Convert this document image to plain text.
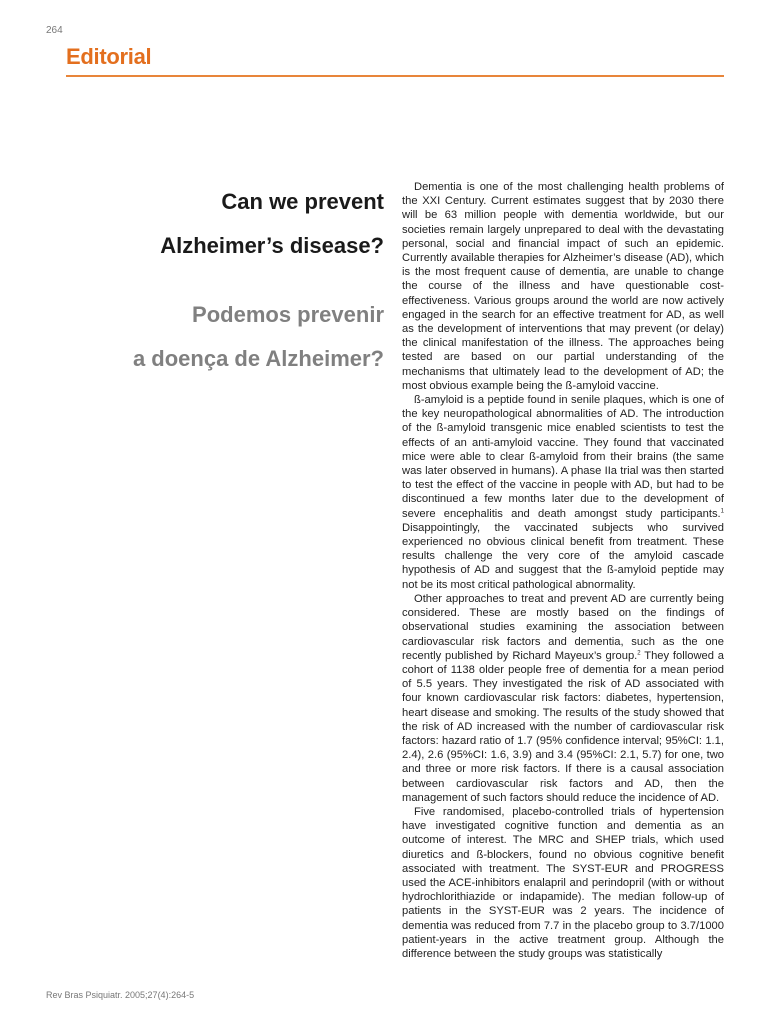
264
Editorial
Can we prevent
Alzheimer’s disease?
Podemos prevenir
a doença de Alzheimer?

Dementia is one of the most challenging health problems of the XXI Century. Current estimates suggest that by 2030 there will be 63 million people with dementia worldwide, but our societies remain largely unprepared to deal with the devastating personal, social and financial impact of such an epidemic. Currently available therapies for Alzheimer’s disease (AD), which is the most frequent cause of dementia, are unable to change the course of the illness and have questionable cost-effectiveness. Various groups around the world are now actively engaged in the search for an effective treatment for AD, as well as the development of interventions that may prevent (or delay) the clinical manifestation of the illness. The approaches being tested are based on our partial understanding of the mechanisms that ultimately lead to the development of AD; the most obvious example being the ß-amyloid vaccine.

ß-amyloid is a peptide found in senile plaques, which is one of the key neuropathological abnormalities of AD. The introduction of the ß-amyloid transgenic mice enabled scientists to test the effects of an anti-amyloid vaccine. They found that vaccinated mice were able to clear ß-amyloid from their brains (the same was later observed in humans). A phase IIa trial was then started to test the effect of the vaccine in people with AD, but had to be discontinued a few months later due to the development of severe encephalitis and death amongst study participants.$^1$ Disappointingly, the vaccinated subjects who survived experienced no obvious clinical benefit from treatment. These results challenge the very core of the amyloid cascade hypothesis of AD and suggest that the ß-amyloid peptide may not be its most critical pathological abnormality.

Other approaches to treat and prevent AD are currently being considered. These are mostly based on the findings of observational studies examining the association between cardiovascular risk factors and dementia, such as the one recently published by Richard Mayeux’s group.$^2$ They followed a cohort of 1138 older people free of dementia for a mean period of 5.5 years. They investigated the risk of AD associated with four known cardiovascular risk factors: diabetes, hypertension, heart disease and smoking. The results of the study showed that the risk of AD increased with the number of cardiovascular risk factors: hazard ratio of 1.7 (95% confidence interval; 95%CI: 1.1, 2.4), 2.6 (95%CI: 1.6, 3.9) and 3.4 (95%CI: 2.1, 5.7) for one, two and three or more risk factors. If there is a causal association between cardiovascular risk factors and AD, then the management of such factors should reduce the incidence of AD.

Five randomised, placebo-controlled trials of hypertension have investigated cognitive function and dementia as an outcome of interest. The MRC and SHEP trials, which used diuretics and ß-blockers, found no obvious cognitive benefit associated with treatment. The SYST-EUR and PROGRESS used the ACE-inhibitors enalapril and perindopril (with or without hydrochlorithiazide or indapamide). The median follow-up of patients in the SYST-EUR was 2 years. The incidence of dementia was reduced from 7.7 in the placebo group to 3.7/1000 patient-years in the active treatment group. Although the difference between the study groups was statistically

Rev Bras Psiquiatr. 2005;27(4):264-5
